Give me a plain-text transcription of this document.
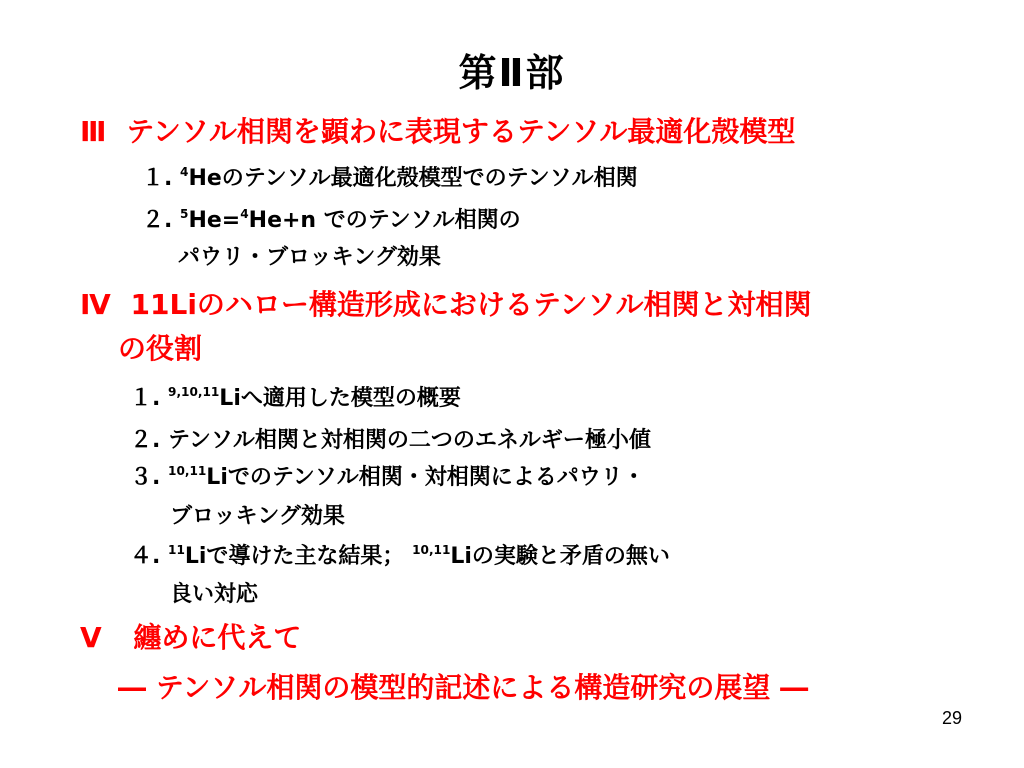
第Ⅱ部
Ⅲ テンソル相関を顕わに表現するテンソル最適化殻模型
１. $^4$Heのテンソル最適化殻模型でのテンソル相関
２. $^5$He=$^4$He+n でのテンソル相関の
パウリ・ブロッキング効果
Ⅳ 11Liのハロー構造形成におけるテンソル相関と対相関
の役割
１. $^{9,10,11}$Liへ適用した模型の概要
２. テンソル相関と対相関の二つのエネルギー極小値
３. $^{10,11}$Liでのテンソル相関・対相関によるパウリ・
ブロッキング効果
４. $^{11}$Liで導けた主な結果； $^{10,11}$Liの実験と矛盾の無い
良い対応
Ⅴ 纏めに代えて
― テンソル相関の模型的記述による構造研究の展望 ―
29
